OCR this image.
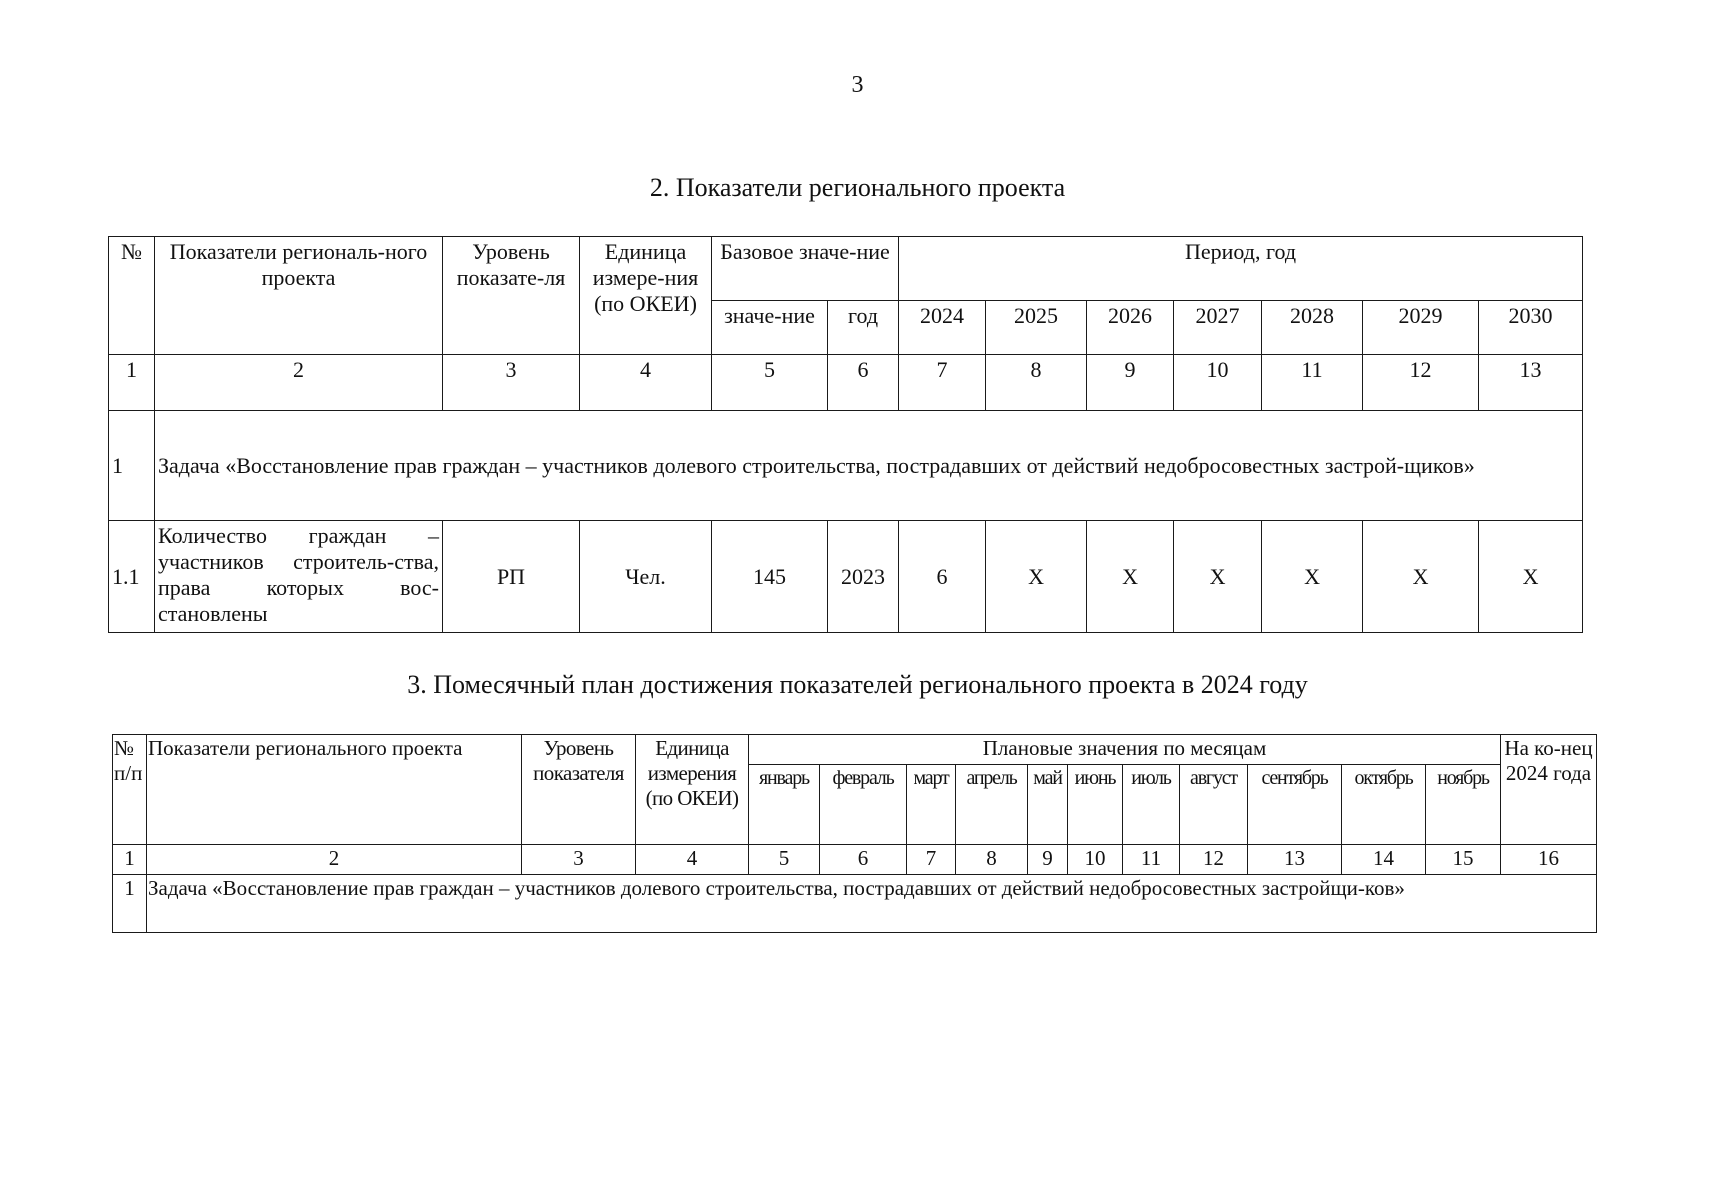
3
2. Показатели регионального проекта
№	Показатели региональ-ного проекта	Уровень показате-ля	Единица измере-ния (по ОКЕИ)	Базовое значе-ние		Период, год						
				значе-ние	год	2024	2025	2026	2027	2028	2029	2030
1	2	3	4	5	6	7	8	9	10	11	12	13
1	Задача «Восстановление прав граждан – участников долевого строительства, пострадавших от действий недобросовестных застрой-щиков»											
1.1	Количество граждан – участников строитель-ства, права которых вос-становлены	РП	Чел.	145	2023	6	X	X	X	X	X	X
3. Помесячный план достижения показателей регионального проекта в 2024 году
№ п/п	Показатели регионального проекта	Уровень показателя	Единица измерения (по ОКЕИ)	Плановые значения по месяцам											На ко-нец 2024 года
				январь	февраль	март	апрель	май	июнь	июль	август	сентябрь	октябрь	ноябрь	
1	2	3	4	5	6	7	8	9	10	11	12	13	14	15	16
1	Задача «Восстановление прав граждан – участников долевого строительства, пострадавших от действий недобросовестных застройщи-ков»														
